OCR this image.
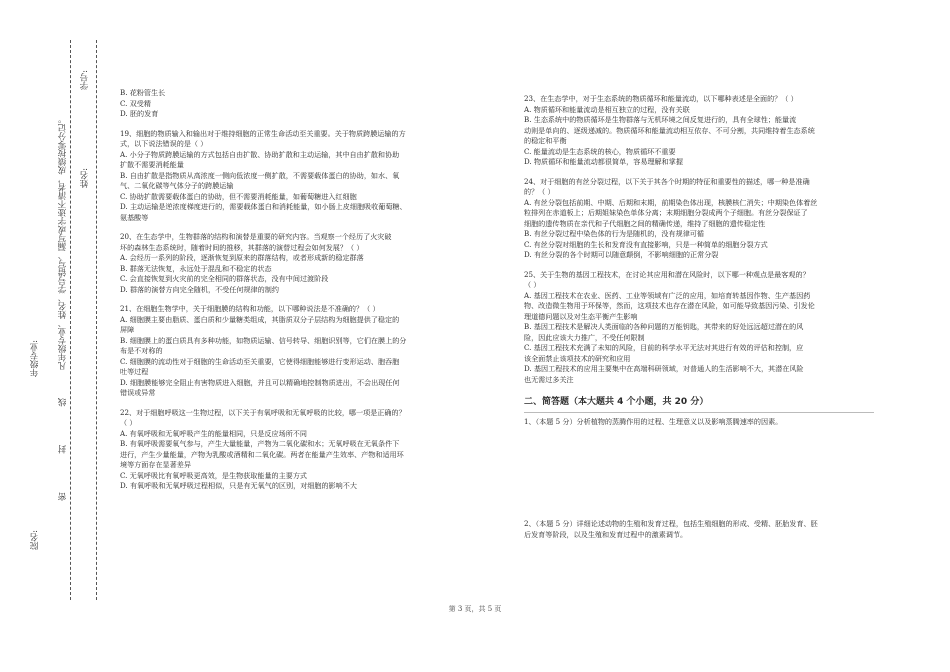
学号:
姓名:
年级专业:
院名:
凡年级专业、姓名、学号错写、漏写或字迹不清者，成绩按零分记。
密 封 线

B. 花粉管生长

C. 双受精

D. 胚的发育

19、细胞的物质输入和输出对于维持细胞的正常生命活动至关重要。关于物质跨膜运输的方

式，以下说法错误的是（ ）

A. 小分子物质跨膜运输的方式包括自由扩散、协助扩散和主动运输，其中自由扩散和协助

扩散不需要消耗能量

B. 自由扩散是指物质从高浓度一侧向低浓度一侧扩散，不需要载体蛋白的协助，如水、氧

气、二氧化碳等气体分子的跨膜运输

C. 协助扩散需要载体蛋白的协助，但不需要消耗能量，如葡萄糖进入红细胞

D. 主动运输是逆浓度梯度进行的，需要载体蛋白和消耗能量，如小肠上皮细胞吸收葡萄糖、

氨基酸等

20、在生态学中，生物群落的结构和演替是重要的研究内容。当观察一个经历了火灾破

坏的森林生态系统时，随着时间的推移，其群落的演替过程会如何发展？（ ）

A. 会经历一系列的阶段，逐渐恢复到原来的群落结构，或者形成新的稳定群落

B. 群落无法恢复，永远处于混乱和不稳定的状态

C. 会直接恢复到火灾前的完全相同的群落状态，没有中间过渡阶段

D. 群落的演替方向完全随机，不受任何规律的制约

21、在细胞生物学中，关于细胞膜的结构和功能，以下哪种说法是不准确的？（ ）

A. 细胞膜主要由脂质、蛋白质和少量糖类组成，其脂质双分子层结构为细胞提供了稳定的

屏障

B. 细胞膜上的蛋白质具有多种功能，如物质运输、信号转导、细胞识别等，它们在膜上的分

布是不对称的

C. 细胞膜的流动性对于细胞的生命活动至关重要，它使得细胞能够进行变形运动、胞吞胞

吐等过程

D. 细胞膜能够完全阻止有害物质进入细胞，并且可以精确地控制物质进出，不会出现任何

错误或异常

22、对于细胞呼吸这一生物过程，以下关于有氧呼吸和无氧呼吸的比较，哪一项是正确的？

（ ）

A. 有氧呼吸和无氧呼吸产生的能量相同，只是反应场所不同

B. 有氧呼吸需要氧气参与，产生大量能量，产物为二氧化碳和水；无氧呼吸在无氧条件下

进行，产生少量能量，产物为乳酸或酒精和二氧化碳。两者在能量产生效率、产物和适用环

境等方面存在显著差异

C. 无氧呼吸比有氧呼吸更高效，是生物获取能量的主要方式

D. 有氧呼吸和无氧呼吸过程相似，只是有无氧气的区别，对细胞的影响不大

23、在生态学中，对于生态系统的物质循环和能量流动，以下哪种表述是全面的？（ ）

A. 物质循环和能量流动是相互独立的过程，没有关联

B. 生态系统中的物质循环是生物群落与无机环境之间反复进行的，具有全球性；能量流

动则是单向的、逐级递减的。物质循环和能量流动相互依存、不可分割，共同维持着生态系统

的稳定和平衡

C. 能量流动是生态系统的核心，物质循环不重要

D. 物质循环和能量流动都很简单，容易理解和掌握

24、对于细胞的有丝分裂过程，以下关于其各个时期的特征和重要性的描述，哪一种是准确

的？（ ）

A. 有丝分裂包括前期、中期、后期和末期，前期染色体出现，核膜核仁消失；中期染色体着丝

粒排列在赤道板上；后期姐妹染色单体分离；末期细胞分裂成两个子细胞。有丝分裂保证了

细胞的遗传物质在亲代和子代细胞之间的精确传递，维持了细胞的遗传稳定性

B. 有丝分裂过程中染色体的行为是随机的，没有规律可循

C. 有丝分裂对细胞的生长和发育没有直接影响，只是一种简单的细胞分裂方式

D. 有丝分裂的各个时期可以随意颠倒，不影响细胞的正常分裂

25、关于生物的基因工程技术，在讨论其应用和潜在风险时，以下哪一种观点是最客观的？

（ ）

A. 基因工程技术在农业、医药、工业等领域有广泛的应用，如培育转基因作物、生产基因药

物、改造微生物用于环保等，然而，这项技术也存在潜在风险，如可能导致基因污染、引发伦

理道德问题以及对生态平衡产生影响

B. 基因工程技术是解决人类面临的各种问题的万能钥匙，其带来的好处远远超过潜在的风

险，因此应该大力推广，不受任何限制

C. 基因工程技术充满了未知的风险，目前的科学水平无法对其进行有效的评估和控制，应

该全面禁止该项技术的研究和应用

D. 基因工程技术的应用主要集中在高端科研领域，对普通人的生活影响不大，其潜在风险

也无需过多关注

二、简答题（本大题共 4 个小题，共 20 分）

1、（本题 5 分）分析植物的蒸腾作用的过程、生理意义以及影响蒸腾速率的因素。

2、（本题 5 分）详细论述动物的生殖和发育过程，包括生殖细胞的形成、受精、胚胎发育、胚

后发育等阶段，以及生殖和发育过程中的激素调节。

第 3 页，共 5 页
